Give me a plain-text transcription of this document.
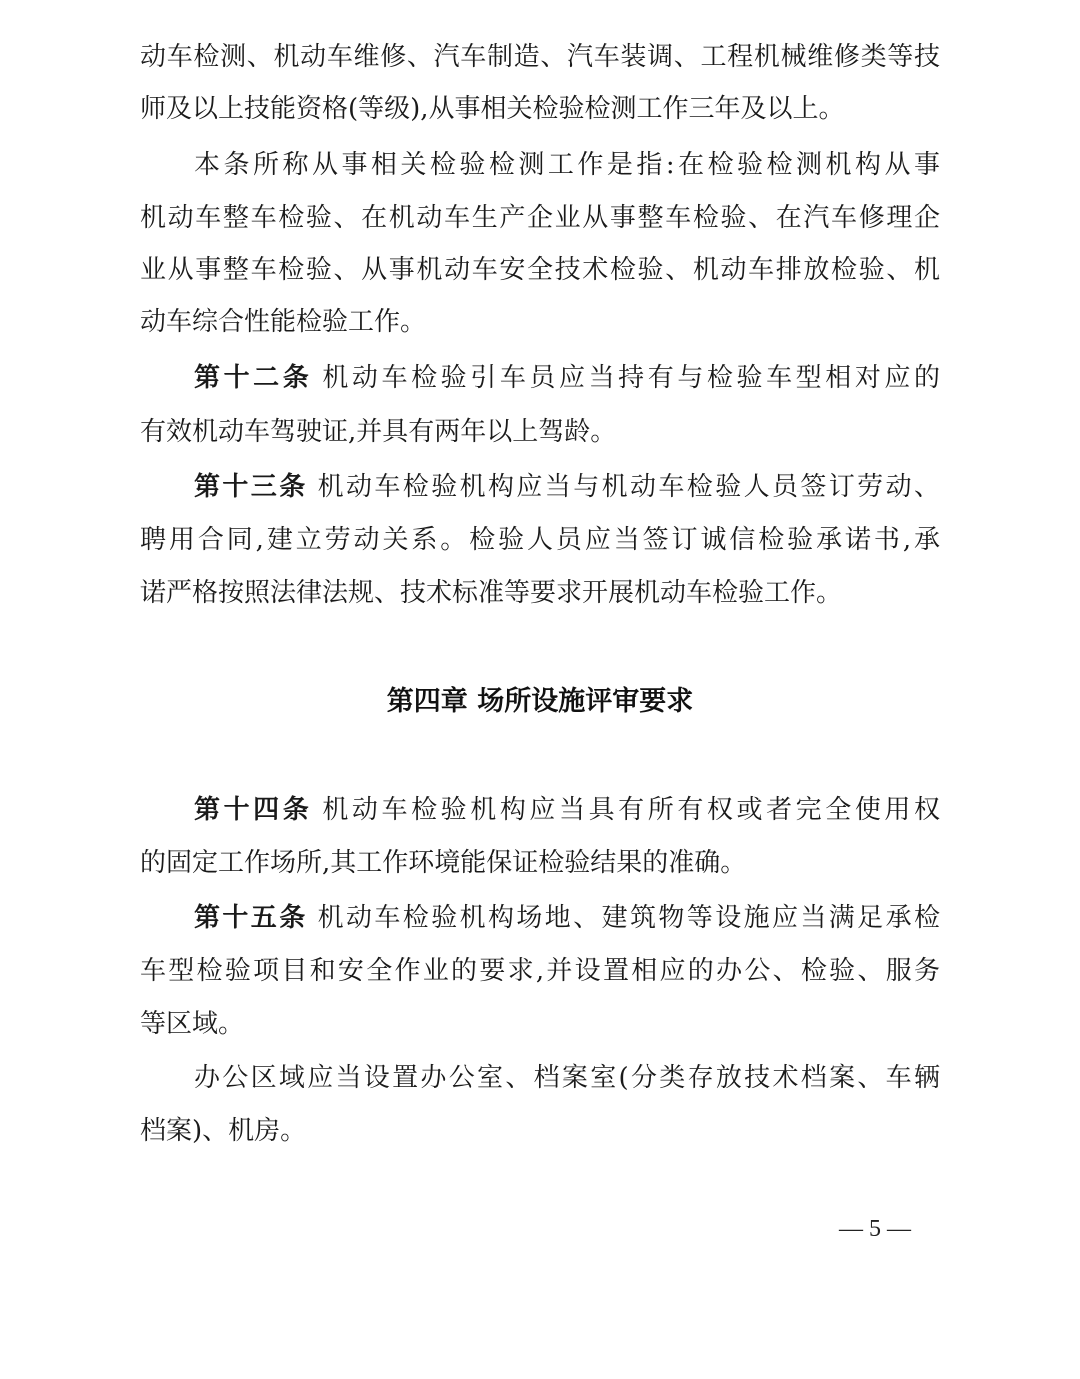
动车检测、机动车维修、汽车制造、汽车装调、工程机械维修类等技
师及以上技能资格(等级),从事相关检验检测工作三年及以上。
本条所称从事相关检验检测工作是指:在检验检测机构从事
机动车整车检验、在机动车生产企业从事整车检验、在汽车修理企
业从事整车检验、从事机动车安全技术检验、机动车排放检验、机
动车综合性能检验工作。
第十二条 机动车检验引车员应当持有与检验车型相对应的
有效机动车驾驶证,并具有两年以上驾龄。
第十三条 机动车检验机构应当与机动车检验人员签订劳动、
聘用合同,建立劳动关系。检验人员应当签订诚信检验承诺书,承
诺严格按照法律法规、技术标准等要求开展机动车检验工作。
第四章 场所设施评审要求
第十四条 机动车检验机构应当具有所有权或者完全使用权
的固定工作场所,其工作环境能保证检验结果的准确。
第十五条 机动车检验机构场地、建筑物等设施应当满足承检
车型检验项目和安全作业的要求,并设置相应的办公、检验、服务
等区域。
办公区域应当设置办公室、档案室(分类存放技术档案、车辆
档案)、机房。
— 5 —
